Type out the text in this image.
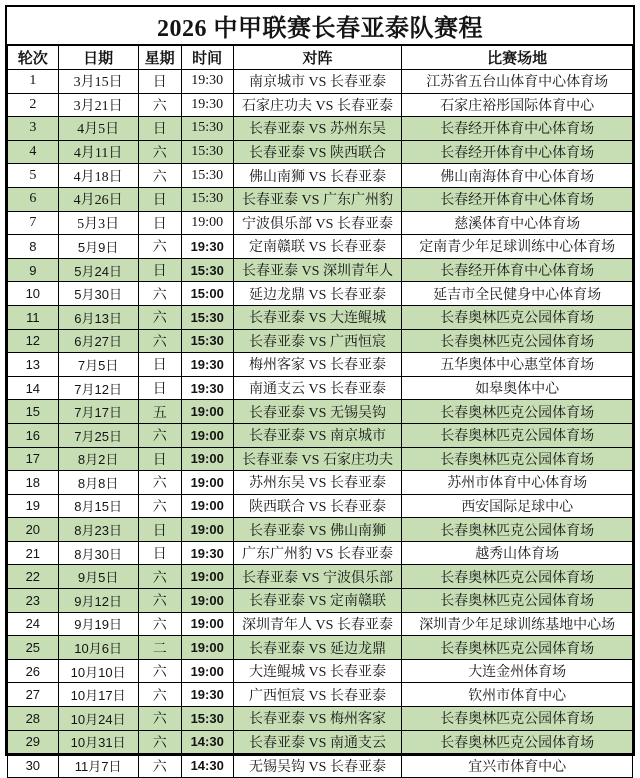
2026 中甲联赛长春亚泰队赛程
轮次	日期	星期	时间	对阵	比赛场地
1	3月15日	日	19:30	南京城市 VS 长春亚泰	江苏省五台山体育中心体育场
2	3月21日	六	19:30	石家庄功夫 VS 长春亚泰	石家庄裕彤国际体育中心
3	4月5日	日	15:30	长春亚泰 VS 苏州东吴	长春经开体育中心体育场
4	4月11日	六	15:30	长春亚泰 VS 陕西联合	长春经开体育中心体育场
5	4月18日	六	15:30	佛山南狮 VS 长春亚泰	佛山南海体育中心体育场
6	4月26日	日	15:30	长春亚泰 VS 广东广州豹	长春经开体育中心体育场
7	5月3日	日	19:00	宁波俱乐部 VS 长春亚泰	慈溪体育中心体育场
8	5月9日	六	19:30	定南赣联 VS 长春亚泰	定南青少年足球训练中心体育场
9	5月24日	日	15:30	长春亚泰 VS 深圳青年人	长春经开体育中心体育场
10	5月30日	六	15:00	延边龙鼎 VS 长春亚泰	延吉市全民健身中心体育场
11	6月13日	六	15:30	长春亚泰 VS 大连鲲城	长春奥林匹克公园体育场
12	6月27日	六	15:30	长春亚泰 VS 广西恒宸	长春奥林匹克公园体育场
13	7月5日	日	19:30	梅州客家 VS 长春亚泰	五华奥体中心惠堂体育场
14	7月12日	日	19:30	南通支云 VS 长春亚泰	如皋奥体中心
15	7月17日	五	19:00	长春亚泰 VS 无锡吴钩	长春奥林匹克公园体育场
16	7月25日	六	19:00	长春亚泰 VS 南京城市	长春奥林匹克公园体育场
17	8月2日	日	19:00	长春亚泰 VS 石家庄功夫	长春奥林匹克公园体育场
18	8月8日	六	19:00	苏州东吴 VS 长春亚泰	苏州市体育中心体育场
19	8月15日	六	19:00	陕西联合 VS 长春亚泰	西安国际足球中心
20	8月23日	日	19:00	长春亚泰 VS 佛山南狮	长春奥林匹克公园体育场
21	8月30日	日	19:30	广东广州豹 VS 长春亚泰	越秀山体育场
22	9月5日	六	19:00	长春亚泰 VS 宁波俱乐部	长春奥林匹克公园体育场
23	9月12日	六	19:00	长春亚泰 VS 定南赣联	长春奥林匹克公园体育场
24	9月19日	六	19:00	深圳青年人 VS 长春亚泰	深圳青少年足球训练基地中心场
25	10月6日	二	19:00	长春亚泰 VS 延边龙鼎	长春奥林匹克公园体育场
26	10月10日	六	19:00	大连鲲城 VS 长春亚泰	大连金州体育场
27	10月17日	六	19:30	广西恒宸 VS 长春亚泰	钦州市体育中心
28	10月24日	六	15:30	长春亚泰 VS 梅州客家	长春奥林匹克公园体育场
29	10月31日	六	14:30	长春亚泰 VS 南通支云	长春奥林匹克公园体育场
30	11月7日	六	14:30	无锡吴钩 VS 长春亚泰	宜兴市体育中心
